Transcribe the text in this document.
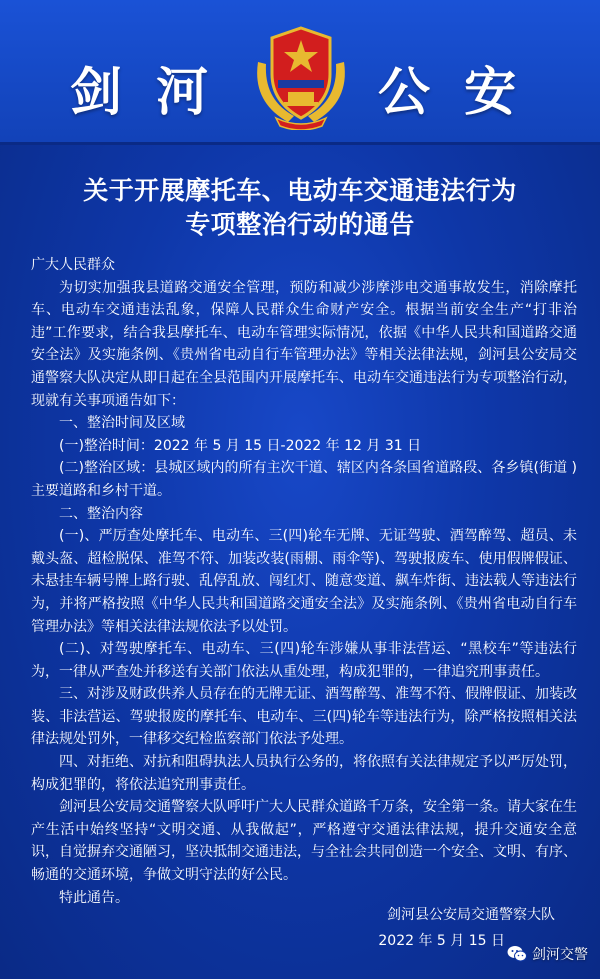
剑 河	公 安
关于开展摩托车、电动车交通违法行为
专项整治行动的通告

广大人民群众

为切实加强我县道路交通安全管理，预防和减少涉摩涉电交通事故发生，消除摩托车、电动车交通违法乱象，保障人民群众生命财产安全。根据当前安全生产“打非治违”工作要求，结合我县摩托车、电动车管理实际情况，依据《中华人民共和国道路交通安全法》及实施条例、《贵州省电动自行车管理办法》等相关法律法规，剑河县公安局交通警察大队决定从即日起在全县范围内开展摩托车、电动车交通违法行为专项整治行动，现就有关事项通告如下：

一、整治时间及区域

(一)整治时间：2022 年 5 月 15 日-2022 年 12 月 31 日

(二)整治区域：县城区域内的所有主次干道、辖区内各条国省道路段、各乡镇(街道 )主要道路和乡村干道。

二、整治内容

(一)、严厉查处摩托车、电动车、三(四)轮车无牌、无证驾驶、酒驾醉驾、超员、未戴头盔、超检脱保、准驾不符、加装改装(雨棚、雨伞等)、驾驶报废车、使用假牌假证、未悬挂车辆号牌上路行驶、乱停乱放、闯红灯、随意变道、飙车炸街、违法载人等违法行为，并将严格按照《中华人民共和国道路交通安全法》及实施条例、《贵州省电动自行车管理办法》等相关法律法规依法予以处罚。

(二)、对驾驶摩托车、电动车、三(四)轮车涉嫌从事非法营运、“黑校车”等违法行为，一律从严查处并移送有关部门依法从重处理，构成犯罪的，一律追究刑事责任。

三、对涉及财政供养人员存在的无牌无证、酒驾醉驾、准驾不符、假牌假证、加装改装、非法营运、驾驶报废的摩托车、电动车、三(四)轮车等违法行为，除严格按照相关法律法规处罚外，一律移交纪检监察部门依法予处理。

四、对拒绝、对抗和阻碍执法人员执行公务的，将依照有关法律规定予以严厉处罚，构成犯罪的，将依法追究刑事责任。

剑河县公安局交通警察大队呼吁广大人民群众道路千万条，安全第一条。请大家在生产生活中始终坚持“文明交通、从我做起”，严格遵守交通法律法规，提升交通安全意识，自觉摒弃交通陋习，坚决抵制交通违法，与全社会共同创造一个安全、文明、有序、畅通的交通环境，争做文明守法的好公民。

特此通告。

剑河县公安局交通警察大队
2022 年 5 月 15 日
剑河交警
